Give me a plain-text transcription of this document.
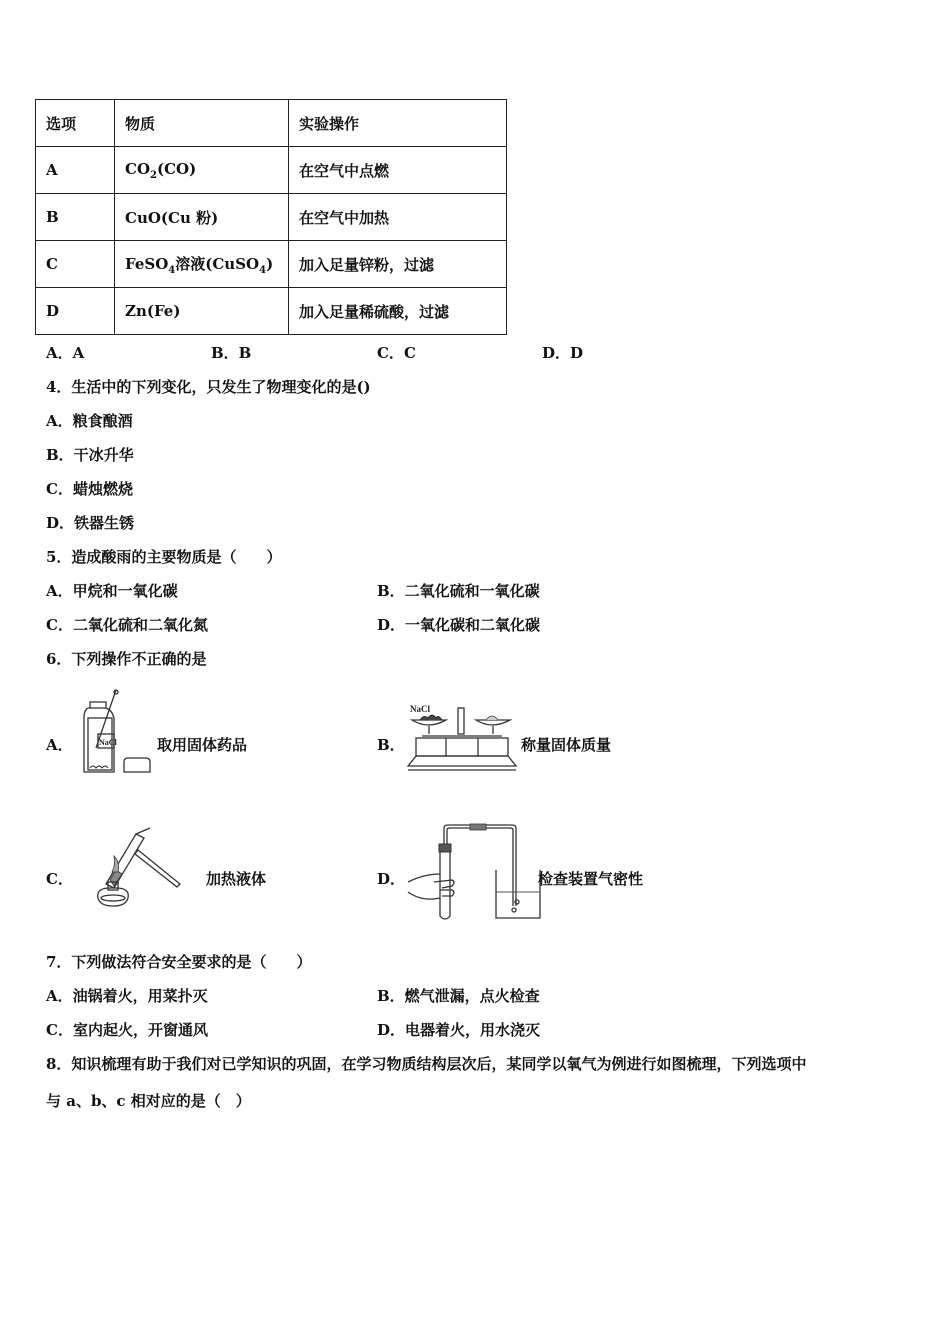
选项	物质	实验操作
A	$CO_2(CO)$	在空气中点燃
B	CuO(Cu 粉)	在空气中加热
C	FeSO$_4$溶液(CuSO$_4$)	加入足量锌粉，过滤
D	Zn(Fe)	加入足量稀硫酸，过滤
A．A	B．B	C．C	D．D
4．生活中的下列变化，只发生了物理变化的是()
A．粮食酿酒
B．干冰升华
C．蜡烛燃烧
D．铁器生锈
5．造成酸雨的主要物质是（　　）
A．甲烷和一氧化碳	B．二氧化硫和一氧化碳
C．二氧化硫和二氧化氮	D．一氧化碳和二氧化碳
6．下列操作不正确的是
A．	NaCl	取用固体药品	B．
NaCl
称量固体质量
C．	加热液体	D．	检查装置气密性
7．下列做法符合安全要求的是（　　）
A．油锅着火，用菜扑灭	B．燃气泄漏，点火检查
C．室内起火，开窗通风	D．电器着火，用水浇灭
8．知识梳理有助于我们对已学知识的巩固，在学习物质结构层次后，某同学以氧气为例进行如图梳理，下列选项中
与 a、b、c 相对应的是（　）
